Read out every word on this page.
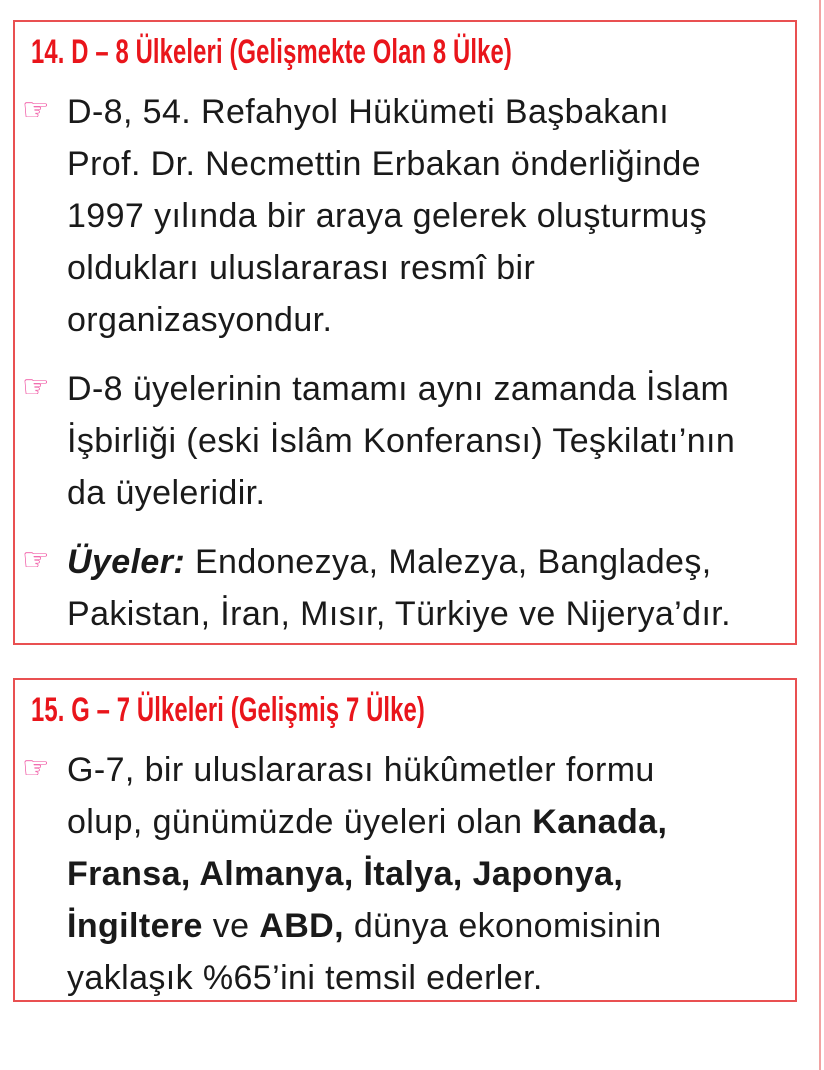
14. D – 8 Ülkeleri (Gelişmekte Olan 8 Ülke)
☞ D-8, 54. Refahyol Hükümeti Başbakanı
Prof. Dr. Necmettin Erbakan önderliğinde
1997 yılında bir araya gelerek oluşturmuş
oldukları uluslararası resmî bir
organizasyondur.
☞ D-8 üyelerinin tamamı aynı zamanda İslam
İşbirliği (eski İslâm Konferansı) Teşkilatı’nın
da üyeleridir.
☞ Üyeler: Endonezya, Malezya, Bangladeş,
Pakistan, İran, Mısır, Türkiye ve Nijerya’dır.
15. G – 7 Ülkeleri (Gelişmiş 7 Ülke)
☞ G-7, bir uluslararası hükûmetler formu
olup, günümüzde üyeleri olan Kanada,
Fransa, Almanya, İtalya, Japonya,
İngiltere ve ABD, dünya ekonomisinin
yaklaşık %65’ini temsil ederler.
